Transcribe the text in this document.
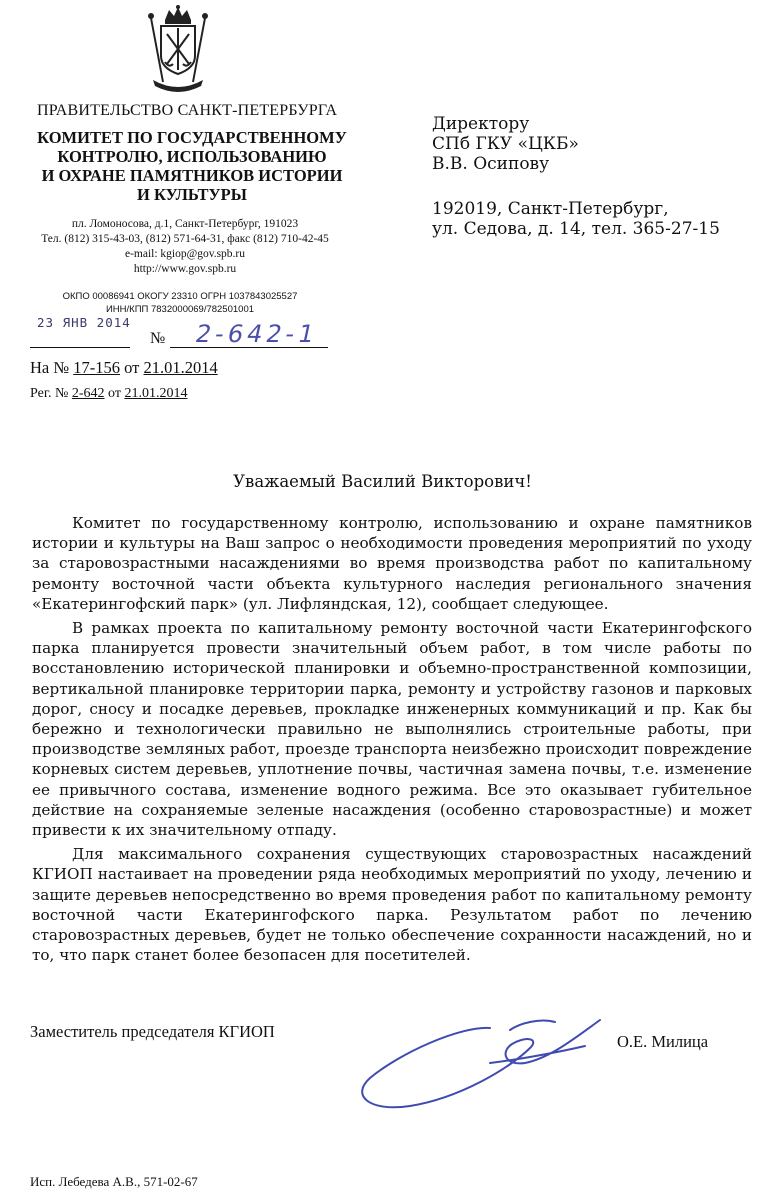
ПРАВИТЕЛЬСТВО САНКТ-ПЕТЕРБУРГА
КОМИТЕТ ПО ГОСУДАРСТВЕННОМУ
КОНТРОЛЮ, ИСПОЛЬЗОВАНИЮ
И ОХРАНЕ ПАМЯТНИКОВ ИСТОРИИ
И КУЛЬТУРЫ
пл. Ломоносова, д.1, Санкт-Петербург, 191023
Тел. (812) 315-43-03, (812) 571-64-31, факс (812) 710-42-45
e-mail: kgiop@gov.spb.ru
http://www.gov.spb.ru
ОКПО 00086941 ОКОГУ 23310 ОГРН 1037843025527
ИНН/КПП 7832000069/782501001
23 ЯНВ 2014
№ 2-642-1
На № 17-156 от 21.01.2014
Рег. № 2-642 от 21.01.2014
Директору
СПб ГКУ «ЦКБ»
В.В. Осипову
192019, Санкт-Петербург,
ул. Седова, д. 14, тел. 365-27-15
Уважаемый Василий Викторович!

Комитет по государственному контролю, использованию и охране памятников истории и культуры на Ваш запрос о необходимости проведения мероприятий по уходу за старовозрастными насаждениями во время производства работ по капитальному ремонту восточной части объекта культурного наследия регионального значения «Екатерингофский парк» (ул. Лифляндская, 12), сообщает следующее.

В рамках проекта по капитальному ремонту восточной части Екатерингофского парка планируется провести значительный объем работ, в том числе работы по восстановлению исторической планировки и объемно-пространственной композиции, вертикальной планировке территории парка, ремонту и устройству газонов и парковых дорог, сносу и посадке деревьев, прокладке инженерных коммуникаций и пр. Как бы бережно и технологически правильно не выполнялись строительные работы, при производстве земляных работ, проезде транспорта неизбежно происходит повреждение корневых систем деревьев, уплотнение почвы, частичная замена почвы, т.е. изменение ее привычного состава, изменение водного режима. Все это оказывает губительное действие на сохраняемые зеленые насаждения (особенно старовозрастные) и может привести к их значительному отпаду.

Для максимального сохранения существующих старовозрастных насаждений КГИОП настаивает на проведении ряда необходимых мероприятий по уходу, лечению и защите деревьев непосредственно во время проведения работ по капитальному ремонту восточной части Екатерингофского парка. Результатом работ по лечению старовозрастных деревьев, будет не только обеспечение сохранности насаждений, но и то, что парк станет более безопасен для посетителей.

Заместитель председателя КГИОП
О.Е. Милица
Исп. Лебедева А.В., 571-02-67
